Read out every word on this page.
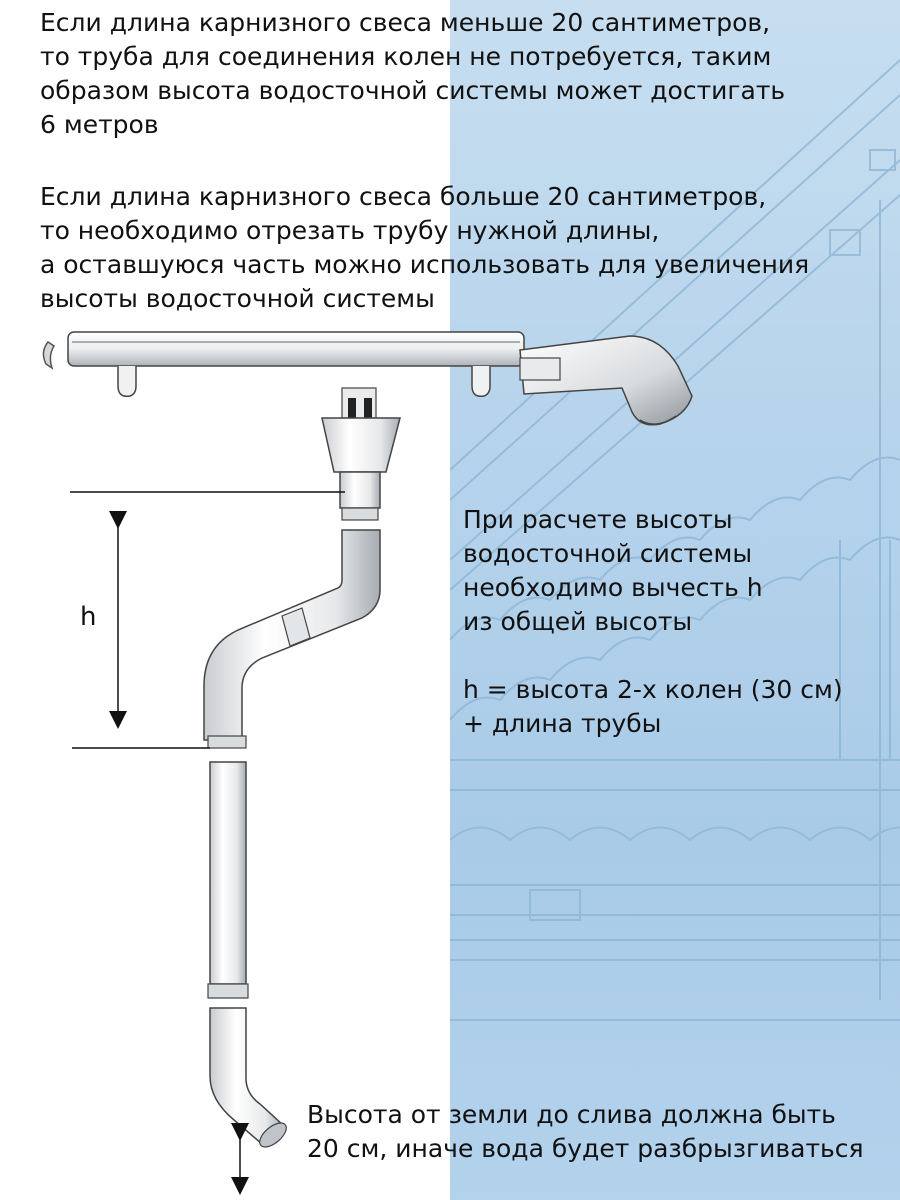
Если длина карнизного свеса меньше 20 сантиметров,
то труба для соединения колен не потребуется, таким
образом высота водосточной системы может достигать
6 метров
Если длина карнизного свеса больше 20 сантиметров,
то необходимо отрезать трубу нужной длины,
а оставшуюся часть можно использовать для увеличения
высоты водосточной системы
При расчете высоты
водосточной системы
необходимо вычесть h
из общей высоты
h = высота 2-х колен (30 см)
+ длина трубы
Высота от земли до слива должна быть
20 см, иначе вода будет разбрызгиваться
h
